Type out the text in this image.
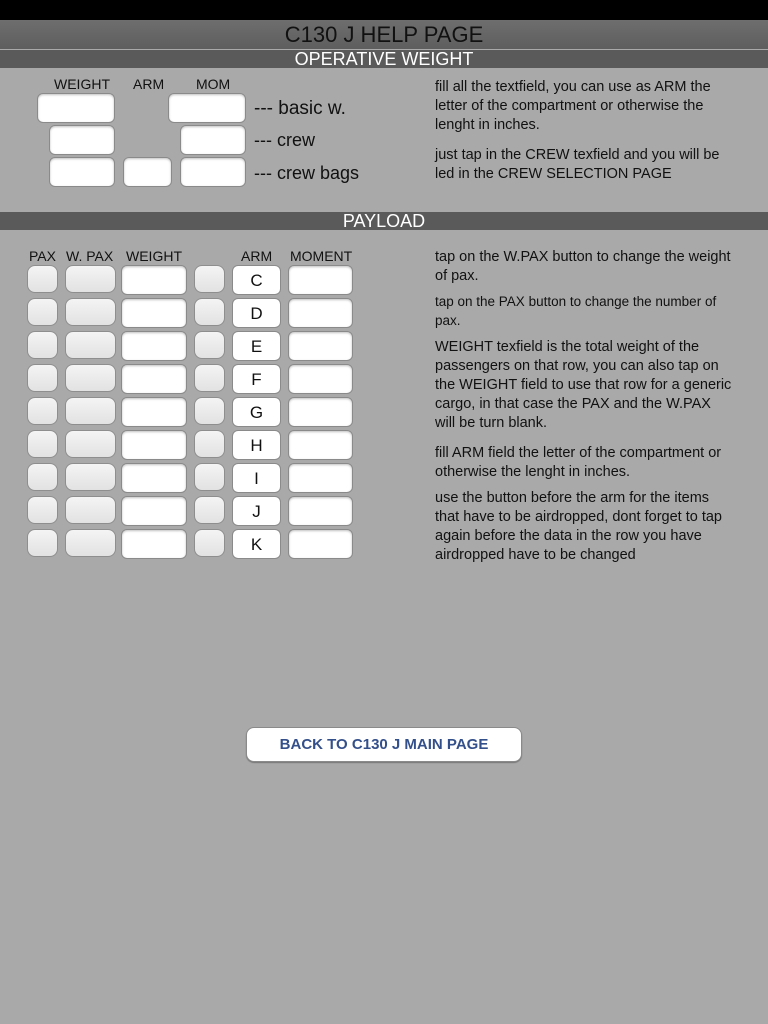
C130 J HELP PAGE
OPERATIVE WEIGHT
WEIGHT ARM MOM
--- basic w.
--- crew
--- crew bags
fill all the textfield, you can use as ARM the letter of the compartment or otherwise the lenght in inches.
just tap in the CREW texfield and you will be led in the CREW SELECTION PAGE
PAYLOAD
PAX W. PAX WEIGHT	ARM MOMENT
C
D
E
F
G
H
I
J
K
tap on the W.PAX button to change the weight of pax.
tap on the PAX button to change the number of pax.
WEIGHT texfield is the total weight of the passengers on that row, you can also tap on the WEIGHT field to use that row for a generic cargo, in that case the PAX and the W.PAX will be turn blank.
fill ARM field the letter of the compartment or otherwise the lenght in inches.
use the button before the arm for the items that have to be airdropped, dont forget to tap again before the data in the row you have airdropped have to be changed
BACK TO C130 J MAIN PAGE
